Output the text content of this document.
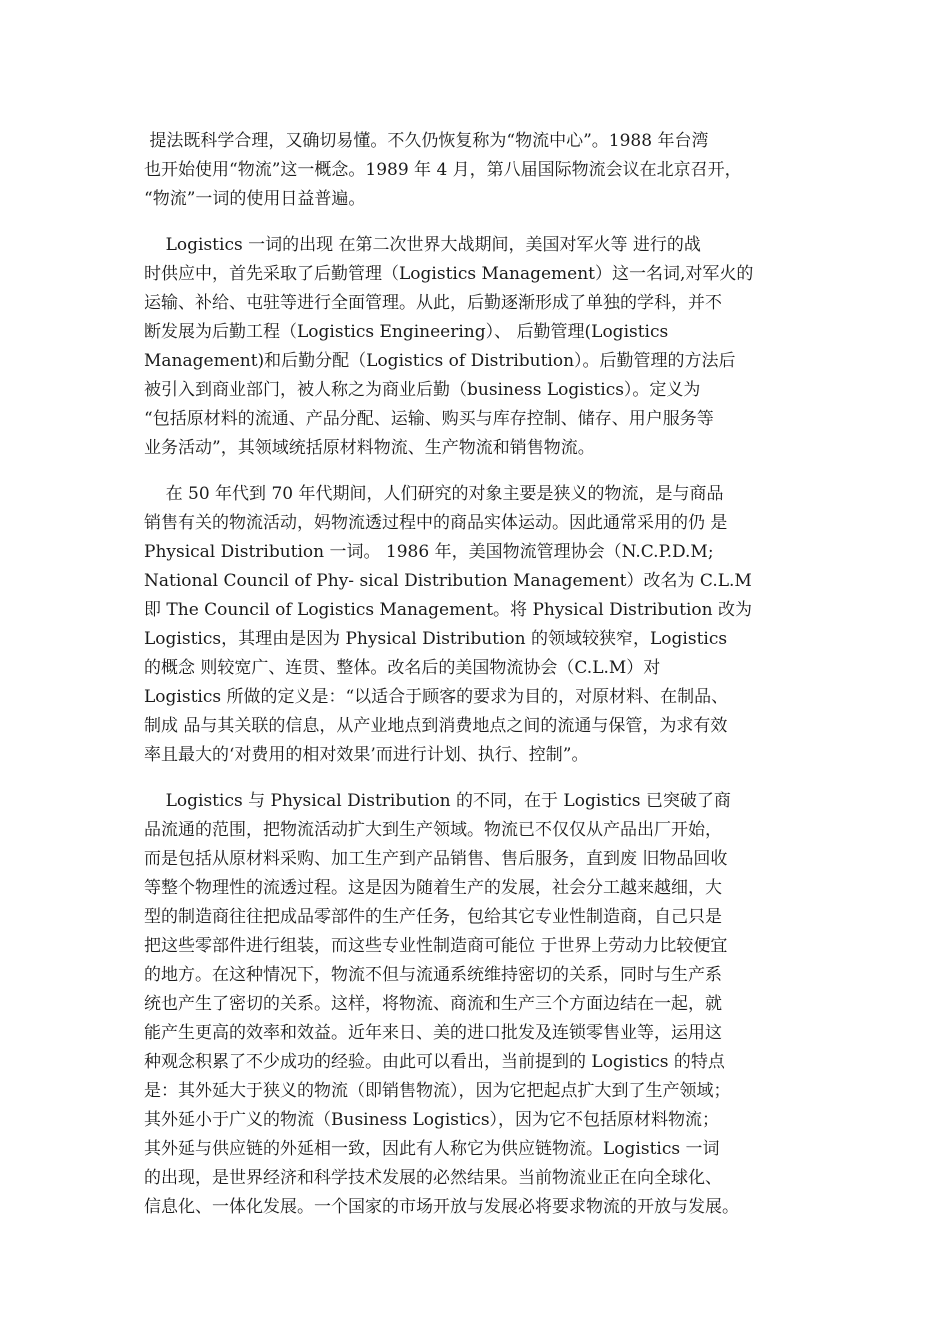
提法既科学合理，又确切易懂。不久仍恢复称为“物流中心”。1988 年台湾
也开始使用“物流”这一概念。1989 年 4 月，第八届国际物流会议在北京召开，
“物流”一词的使用日益普遍。
Logistics 一词的出现 在第二次世界大战期间，美国对军火等 进行的战
时供应中，首先采取了后勤管理（Logistics Management）这一名词,对军火的
运输、补给、屯驻等进行全面管理。从此，后勤逐渐形成了单独的学科，并不
断发展为后勤工程（Logistics Engineering）、 后勤管理(Logistics
Management)和后勤分配（Logistics of Distribution）。后勤管理的方法后
被引入到商业部门，被人称之为商业后勤（business Logistics）。定义为
“包括原材料的流通、产品分配、运输、购买与库存控制、储存、用户服务等
业务活动”，其领域统括原材料物流、生产物流和销售物流。
在 50 年代到 70 年代期间，人们研究的对象主要是狭义的物流，是与商品
销售有关的物流活动，妈物流透过程中的商品实体运动。因此通常采用的仍 是
Physical Distribution 一词。 1986 年，美国物流管理协会（N.C.P.D.M;
National Council of Phy- sical Distribution Management）改名为 C.L.M
即 The Council of Logistics Management。将 Physical Distribution 改为
Logistics，其理由是因为 Physical Distribution 的领域较狭窄，Logistics
的概念 则较宽广、连贯、整体。改名后的美国物流协会（C.L.M）对
Logistics 所做的定义是：“以适合于顾客的要求为目的，对原材料、在制品、
制成 品与其关联的信息，从产业地点到消费地点之间的流通与保管，为求有效
率且最大的‘对费用的相对效果’而进行计划、执行、控制”。
Logistics 与 Physical Distribution 的不同，在于 Logistics 已突破了商
品流通的范围，把物流活动扩大到生产领域。物流已不仅仅从产品出厂开始，
而是包括从原材料采购、加工生产到产品销售、售后服务，直到废 旧物品回收
等整个物理性的流透过程。这是因为随着生产的发展，社会分工越来越细，大
型的制造商往往把成品零部件的生产任务，包给其它专业性制造商，自己只是
把这些零部件进行组装，而这些专业性制造商可能位 于世界上劳动力比较便宜
的地方。在这种情况下，物流不但与流通系统维持密切的关系，同时与生产系
统也产生了密切的关系。这样，将物流、商流和生产三个方面边结在一起，就
能产生更高的效率和效益。近年来日、美的进口批发及连锁零售业等，运用这
种观念积累了不少成功的经验。由此可以看出，当前提到的 Logistics 的特点
是：其外延大于狭义的物流（即销售物流），因为它把起点扩大到了生产领域；
其外延小于广义的物流（Business Logistics），因为它不包括原材料物流；
其外延与供应链的外延相一致，因此有人称它为供应链物流。Logistics 一词
的出现，是世界经济和科学技术发展的必然结果。当前物流业正在向全球化、
信息化、一体化发展。一个国家的市场开放与发展必将要求物流的开放与发展。
